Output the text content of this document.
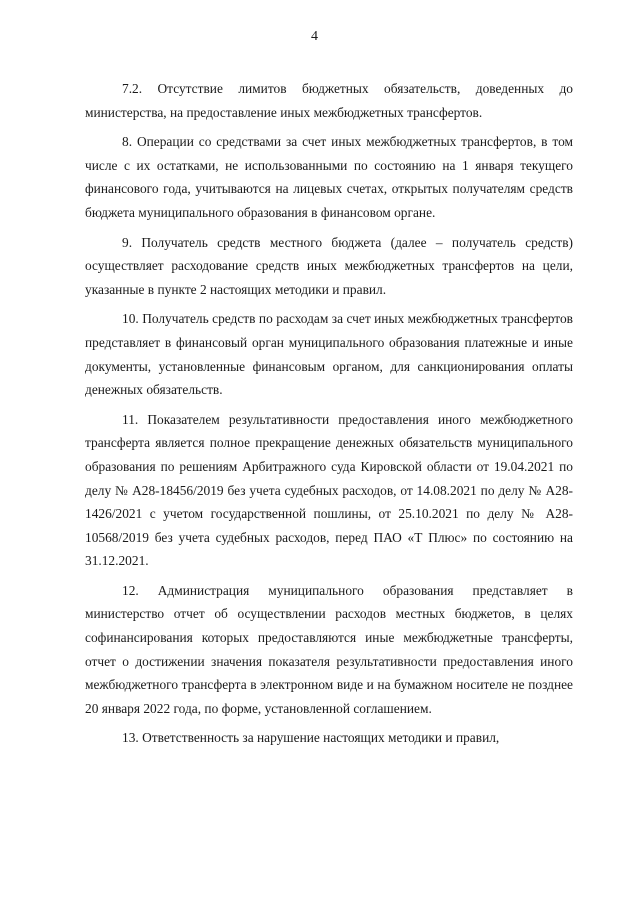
4

7.2. Отсутствие лимитов бюджетных обязательств, доведенных до министерства, на предоставление иных межбюджетных трансфертов.

8. Операции со средствами за счет иных межбюджетных трансфертов, в том числе с их остатками, не использованными по состоянию на 1 января текущего финансового года, учитываются на лицевых счетах, открытых получателям средств бюджета муниципального образования в финансовом органе.

9. Получатель средств местного бюджета (далее – получатель средств) осуществляет расходование средств иных межбюджетных трансфертов на цели, указанные в пункте 2 настоящих методики и правил.

10. Получатель средств по расходам за счет иных межбюджетных трансфертов представляет в финансовый орган муниципального образования платежные и иные документы, установленные финансовым органом, для санкционирования оплаты денежных обязательств.

11. Показателем результативности предоставления иного межбюджетного трансферта является полное прекращение денежных обязательств муниципального образования по решениям Арбитражного суда Кировской области от 19.04.2021 по делу № А28-18456/2019 без учета судебных расходов, от 14.08.2021 по делу № А28-1426/2021 с учетом государственной пошлины, от 25.10.2021 по делу № А28-10568/2019 без учета судебных расходов, перед ПАО «Т Плюс» по состоянию на 31.12.2021.

12. Администрация муниципального образования представляет в министерство отчет об осуществлении расходов местных бюджетов, в целях софинансирования которых предоставляются иные межбюджетные трансферты, отчет о достижении значения показателя результативности предоставления иного межбюджетного трансферта в электронном виде и на бумажном носителе не позднее 20 января 2022 года, по форме, установленной соглашением.

13. Ответственность за нарушение настоящих методики и правил,
